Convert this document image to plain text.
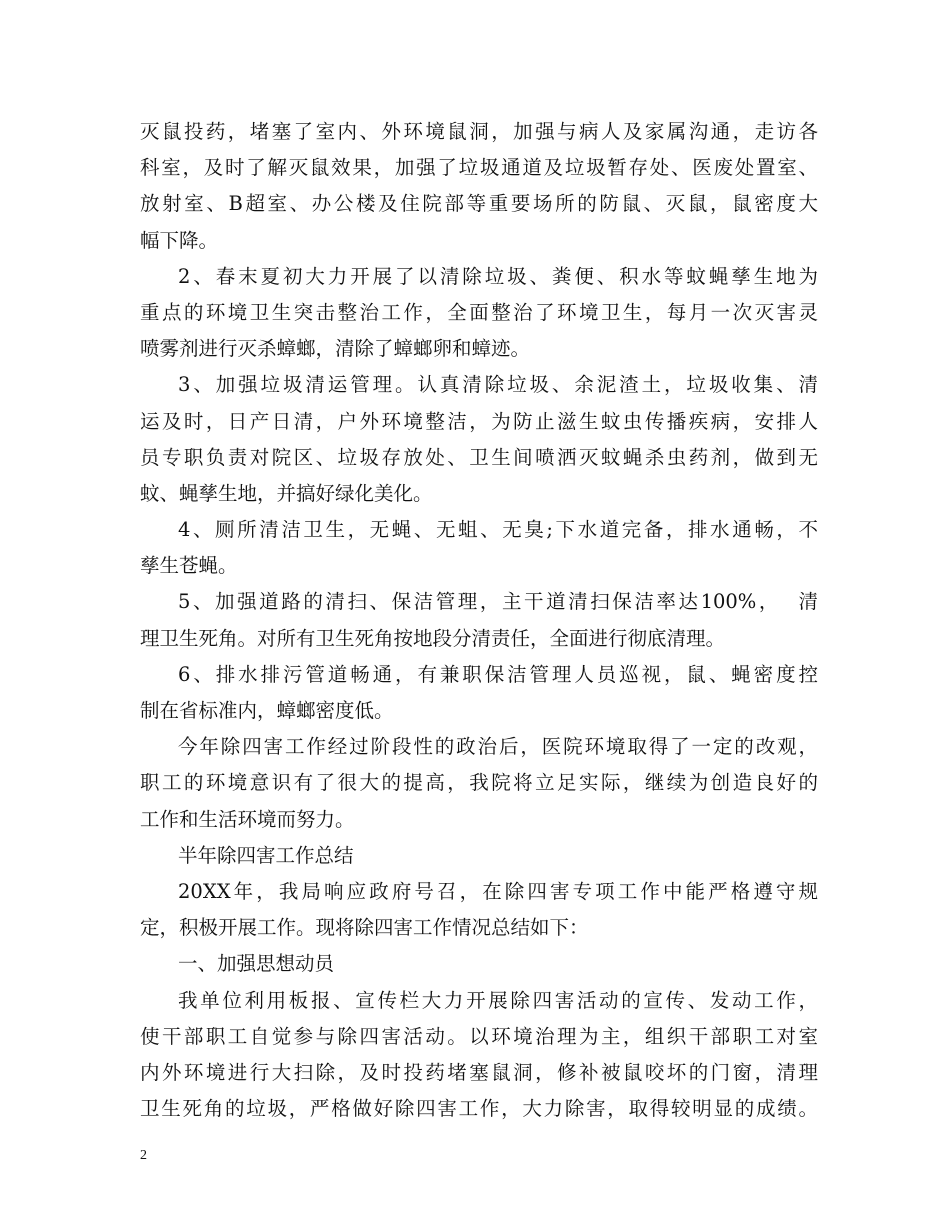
灭鼠投药，堵塞了室内、外环境鼠洞，加强与病人及家属沟通，走访各
科室，及时了解灭鼠效果，加强了垃圾通道及垃圾暂存处、医废处置室、
放射室、B超室、办公楼及住院部等重要场所的防鼠、灭鼠，鼠密度大
幅下降。
2、春末夏初大力开展了以清除垃圾、粪便、积水等蚊蝇孳生地为
重点的环境卫生突击整治工作，全面整治了环境卫生，每月一次灭害灵
喷雾剂进行灭杀蟑螂，清除了蟑螂卵和蟑迹。
3、加强垃圾清运管理。认真清除垃圾、余泥渣土，垃圾收集、清
运及时，日产日清，户外环境整洁，为防止滋生蚊虫传播疾病，安排人
员专职负责对院区、垃圾存放处、卫生间喷洒灭蚊蝇杀虫药剂，做到无
蚊、蝇孳生地，并搞好绿化美化。
4、厕所清洁卫生，无蝇、无蛆、无臭;下水道完备，排水通畅，不
孳生苍蝇。
5、加强道路的清扫、保洁管理，主干道清扫保洁率达100%，  清
理卫生死角。对所有卫生死角按地段分清责任，全面进行彻底清理。
6、排水排污管道畅通，有兼职保洁管理人员巡视，鼠、蝇密度控
制在省标准内，蟑螂密度低。
今年除四害工作经过阶段性的政治后，医院环境取得了一定的改观，
职工的环境意识有了很大的提高，我院将立足实际，继续为创造良好的
工作和生活环境而努力。
半年除四害工作总结
20XX年，我局响应政府号召，在除四害专项工作中能严格遵守规
定，积极开展工作。现将除四害工作情况总结如下：
一、加强思想动员
我单位利用板报、宣传栏大力开展除四害活动的宣传、发动工作，
使干部职工自觉参与除四害活动。以环境治理为主，组织干部职工对室
内外环境进行大扫除，及时投药堵塞鼠洞，修补被鼠咬坏的门窗，清理
卫生死角的垃圾，严格做好除四害工作，大力除害，取得较明显的成绩。
2
